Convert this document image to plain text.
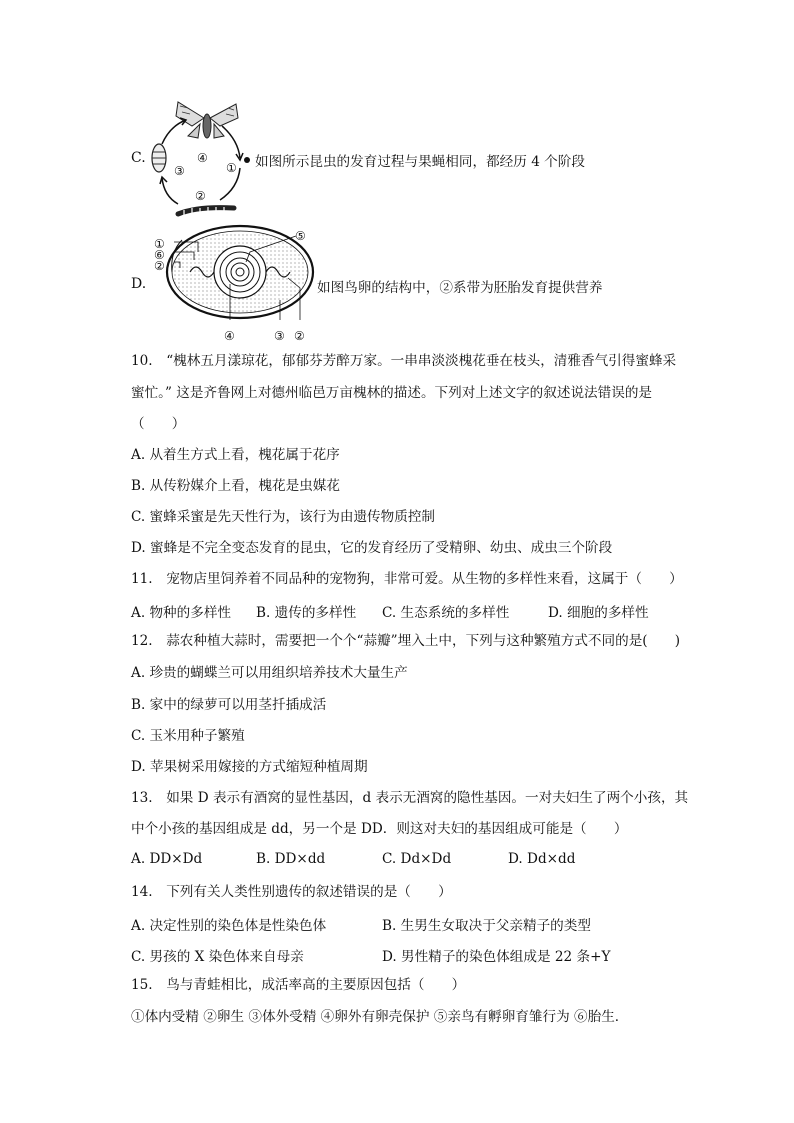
C.	④
①
③
②
如图所示昆虫的发育过程与果蝇相同，都经历 4 个阶段
D.
①
⑥
②
⑤
④	③ ②
如图鸟卵的结构中，②系带为胚胎发育提供营养
10.　“槐林五月漾琼花，郁郁芬芳醉万家。一串串淡淡槐花垂在枝头，清雅香气引得蜜蜂采
蜜忙。” 这是齐鲁网上对德州临邑万亩槐林的描述。下列对上述文字的叙述说法错误的是
（　　）
A. 从着生方式上看，槐花属于花序
B. 从传粉媒介上看，槐花是虫媒花
C. 蜜蜂采蜜是先天性行为，该行为由遗传物质控制
D. 蜜蜂是不完全变态发育的昆虫，它的发育经历了受精卵、幼虫、成虫三个阶段
11.　宠物店里饲养着不同品种的宠物狗，非常可爱。从生物的多样性来看，这属于（　　）
A. 物种的多样性 B. 遗传的多样性 C. 生态系统的多样性	D. 细胞的多样性
12.　蒜农种植大蒜时，需要把一个个“蒜瓣”埋入土中，下列与这种繁殖方式不同的是(　　)
A. 珍贵的蝴蝶兰可以用组织培养技术大量生产
B. 家中的绿萝可以用茎扦插成活
C. 玉米用种子繁殖
D. 苹果树采用嫁接的方式缩短种植周期
13.　如果 D 表示有酒窝的显性基因，d 表示无酒窝的隐性基因。一对夫妇生了两个小孩，其
中个小孩的基因组成是 dd，另一个是 DD．则这对夫妇的基因组成可能是（　　）
A. DD×Dd	B. DD×dd	C. Dd×Dd	D. Dd×dd
14.　下列有关人类性别遗传的叙述错误的是（　　）
A. 决定性别的染色体是性染色体	B. 生男生女取决于父亲精子的类型
C. 男孩的 X 染色体来自母亲	D. 男性精子的染色体组成是 22 条+Y
15.　鸟与青蛙相比，成活率高的主要原因包括（　　）
①体内受精 ②卵生 ③体外受精 ④卵外有卵壳保护 ⑤亲鸟有孵卵育雏行为 ⑥胎生．
